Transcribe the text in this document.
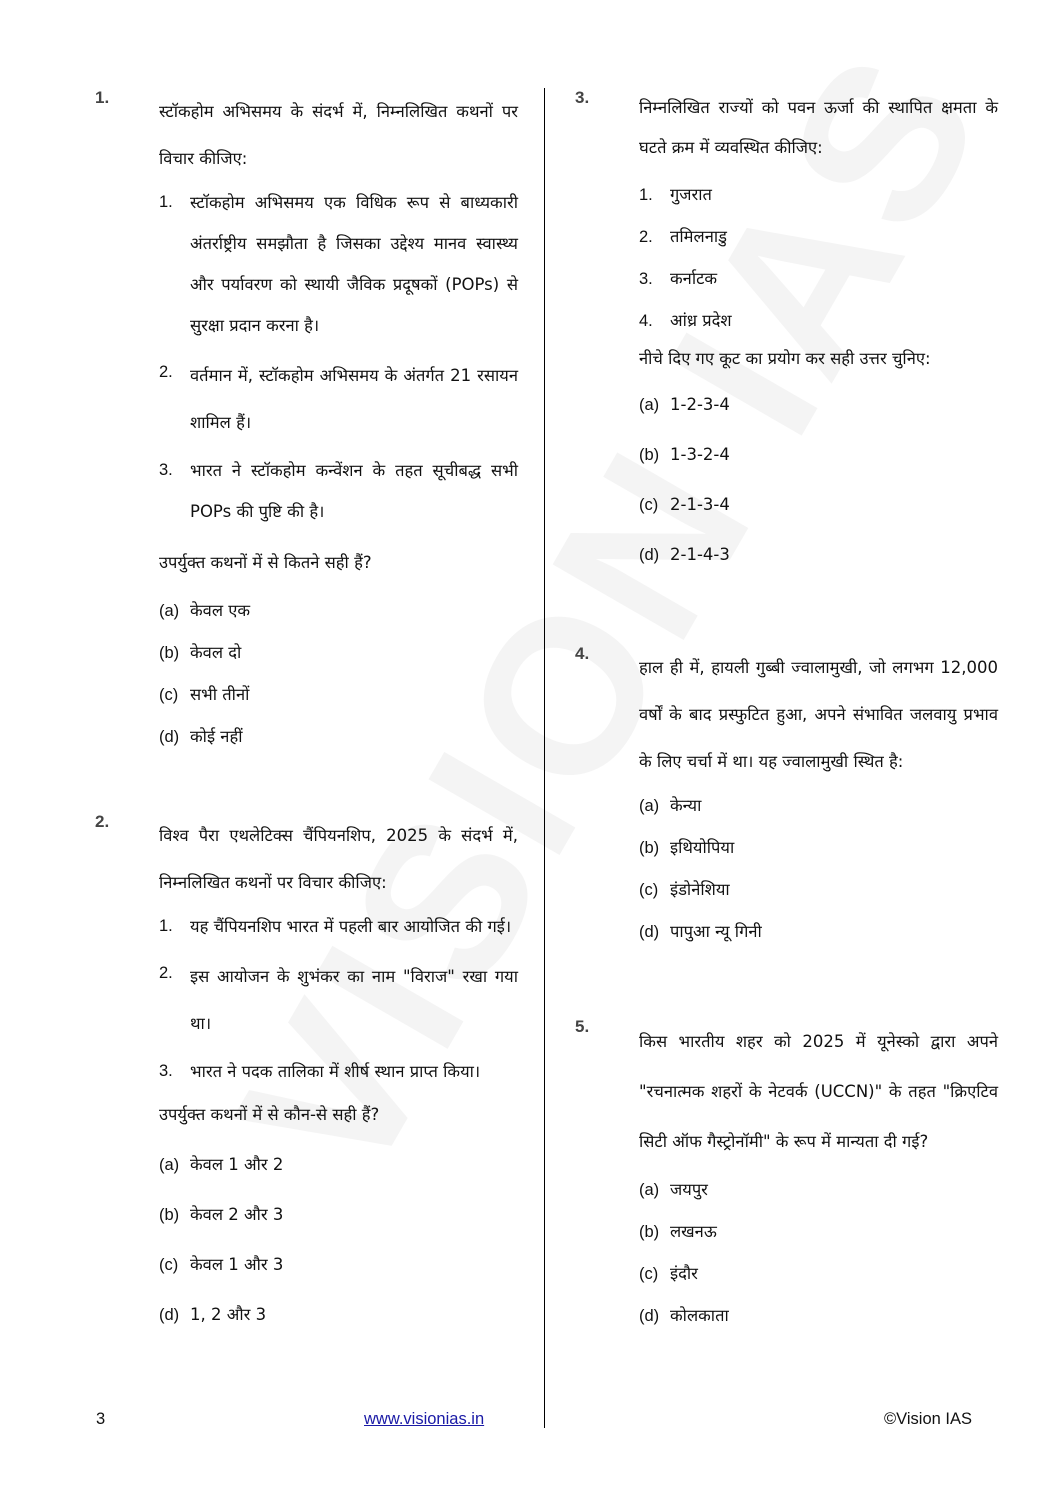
1.
स्टॉकहोम अभिसमय के संदर्भ में, निम्नलिखित कथनों पर विचार कीजिए:
1. स्टॉकहोम अभिसमय एक विधिक रूप से बाध्यकारी अंतर्राष्ट्रीय समझौता है जिसका उद्देश्य मानव स्वास्थ्य और पर्यावरण को स्थायी जैविक प्रदूषकों (POPs) से सुरक्षा प्रदान करना है।
2. वर्तमान में, स्टॉकहोम अभिसमय के अंतर्गत 21 रसायन शामिल हैं।
3. भारत ने स्टॉकहोम कन्वेंशन के तहत सूचीबद्ध सभी POPs की पुष्टि की है।
उपर्युक्त कथनों में से कितने सही हैं?
(a) केवल एक
(b) केवल दो
(c) सभी तीनों
(d) कोई नहीं
2.
विश्व पैरा एथलेटिक्स चैंपियनशिप, 2025 के संदर्भ में, निम्नलिखित कथनों पर विचार कीजिए:
1. यह चैंपियनशिप भारत में पहली बार आयोजित की गई।
2. इस आयोजन के शुभंकर का नाम "विराज" रखा गया था।
3. भारत ने पदक तालिका में शीर्ष स्थान प्राप्त किया।
उपर्युक्त कथनों में से कौन-से सही हैं?
(a) केवल 1 और 2
(b) केवल 2 और 3
(c) केवल 1 और 3
(d) 1, 2 और 3
3.
निम्नलिखित राज्यों को पवन ऊर्जा की स्थापित क्षमता के घटते क्रम में व्यवस्थित कीजिए:
1. गुजरात
2. तमिलनाडु
3. कर्नाटक
4. आंध्र प्रदेश
नीचे दिए गए कूट का प्रयोग कर सही उत्तर चुनिए:
(a) 1-2-3-4
(b) 1-3-2-4
(c) 2-1-3-4
(d) 2-1-4-3
4.
हाल ही में, हायली गुब्बी ज्वालामुखी, जो लगभग 12,000 वर्षों के बाद प्रस्फुटित हुआ, अपने संभावित जलवायु प्रभाव के लिए चर्चा में था। यह ज्वालामुखी स्थित है:
(a) केन्या
(b) इथियोपिया
(c) इंडोनेशिया
(d) पापुआ न्यू गिनी
5.
किस भारतीय शहर को 2025 में यूनेस्को द्वारा अपने "रचनात्मक शहरों के नेटवर्क (UCCN)" के तहत "क्रिएटिव सिटी ऑफ गैस्ट्रोनॉमी" के रूप में मान्यता दी गई?
(a) जयपुर
(b) लखनऊ
(c) इंदौर
(d) कोलकाता
3	www.visionias.in	©Vision IAS
